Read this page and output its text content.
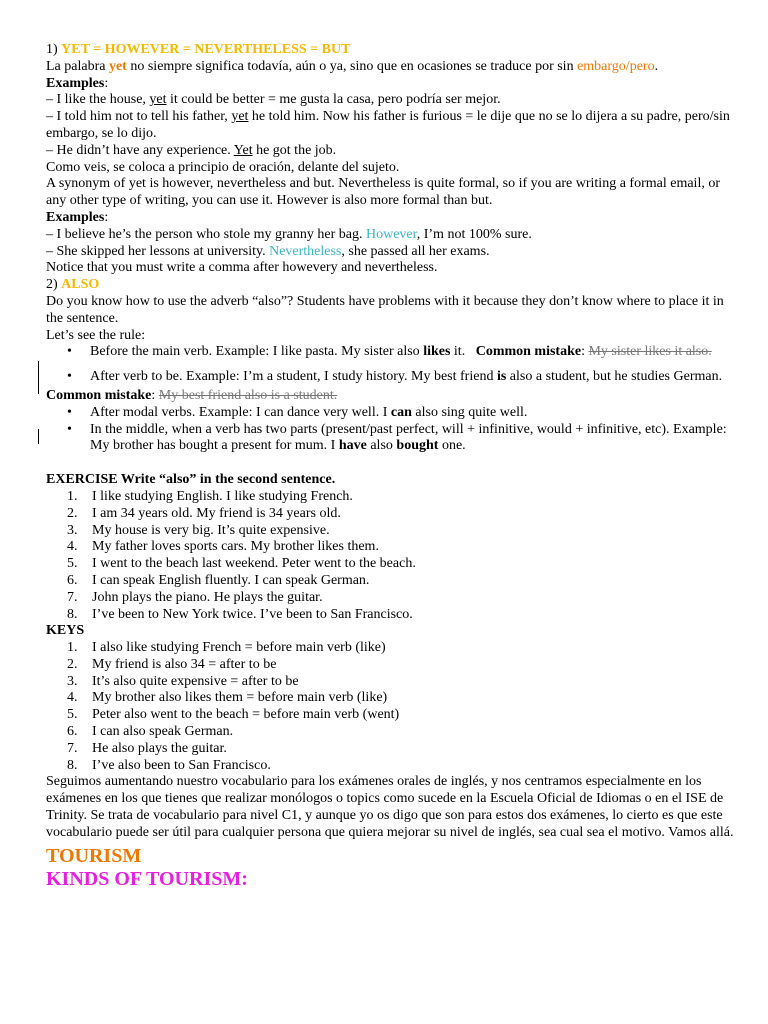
1) YET = HOWEVER = NEVERTHELESS = BUT

La palabra yet no siempre significa todavía, aún o ya, sino que en ocasiones se traduce por sin embargo/pero.

Examples:

– I like the house, yet it could be better = me gusta la casa, pero podría ser mejor.

– I told him not to tell his father, yet he told him. Now his father is furious = le dije que no se lo dijera a su padre, pero/sin embargo, se lo dijo.

– He didn’t have any experience. Yet he got the job.

Como veis, se coloca a principio de oración, delante del sujeto.

A synonym of yet is however, nevertheless and but. Nevertheless is quite formal, so if you are writing a formal email, or any other type of writing, you can use it. However is also more formal than but.

Examples:

– I believe he’s the person who stole my granny her bag. However, I’m not 100% sure.

– She skipped her lessons at university. Nevertheless, she passed all her exams.

Notice that you must write a comma after howevery and nevertheless.

2) ALSO

Do you know how to use the adverb “also”? Students have problems with it because they don’t know where to place it in the sentence.

Let’s see the rule:

• Before the main verb. Example: I like pasta. My sister also likes it.   Common mistake: My sister likes it also.
• After verb to be. Example: I’m a student, I study history. My best friend is also a student, but he studies German.

Common mistake: My best friend also is a student.

• After modal verbs. Example: I can dance very well. I can also sing quite well.
• In the middle, when a verb has two parts (present/past perfect, will + infinitive, would + infinitive, etc). Example: My brother has bought a present for mum. I have also bought one.

EXERCISE Write “also” in the second sentence.

1. I like studying English. I like studying French.
2. I am 34 years old. My friend is 34 years old.
3. My house is very big. It’s quite expensive.
4. My father loves sports cars. My brother likes them.
5. I went to the beach last weekend. Peter went to the beach.
6. I can speak English fluently. I can speak German.
7. John plays the piano. He plays the guitar.
8. I’ve been to New York twice. I’ve been to San Francisco.

KEYS

1. I also like studying French = before main verb (like)
2. My friend is also 34 = after to be
3. It’s also quite expensive = after to be
4. My brother also likes them = before main verb (like)
5. Peter also went to the beach = before main verb (went)
6. I can also speak German.
7. He also plays the guitar.
8. I’ve also been to San Francisco.

Seguimos aumentando nuestro vocabulario para los exámenes orales de inglés, y nos centramos especialmente en los exámenes en los que tienes que realizar monólogos o topics como sucede en la Escuela Oficial de Idiomas o en el ISE de Trinity. Se trata de vocabulario para nivel C1, y aunque yo os digo que son para estos dos exámenes, lo cierto es que este vocabulario puede ser útil para cualquier persona que quiera mejorar su nivel de inglés, sea cual sea el motivo. Vamos allá.

TOURISM

KINDS OF TOURISM:
